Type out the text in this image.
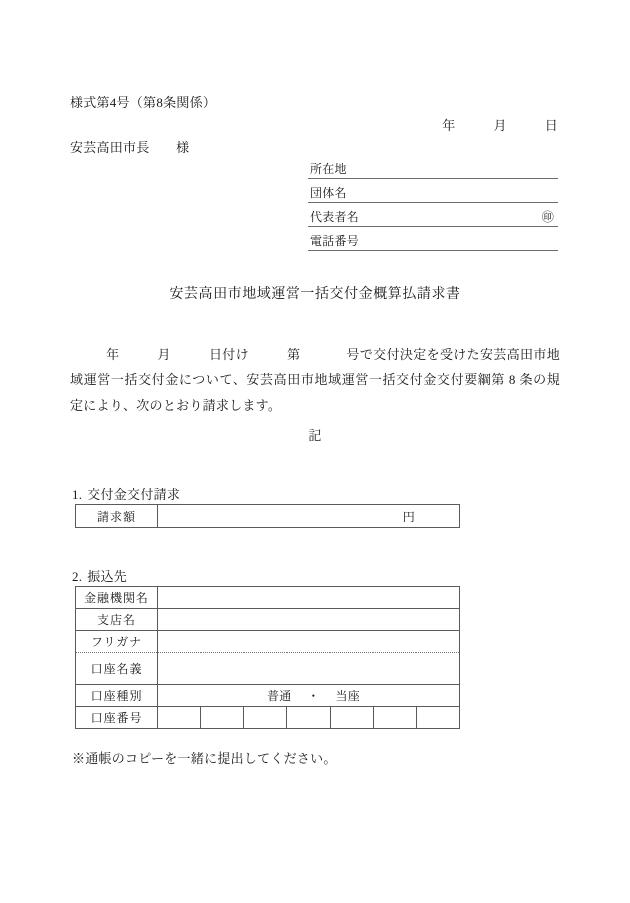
様式第4号（第8条関係）
年	月	日
安芸高田市長　　様
所在地
団体名
代表者名	㊞
電話番号
安芸高田市地域運営一括交付金概算払請求書
年	月	日付け	第	号で交付決定を受けた安芸高田市地域運営一括交付金について、安芸高田市地域運営一括交付金交付要綱第 8 条の規定により、次のとおり請求します。
記
1. 交付金交付請求
請求額	円
2. 振込先
金融機関名							
支店名							
フリガナ							
口座名義							
口座種別	普通 ・ 当座						

口座番号							
※通帳のコピーを一緒に提出してください。
